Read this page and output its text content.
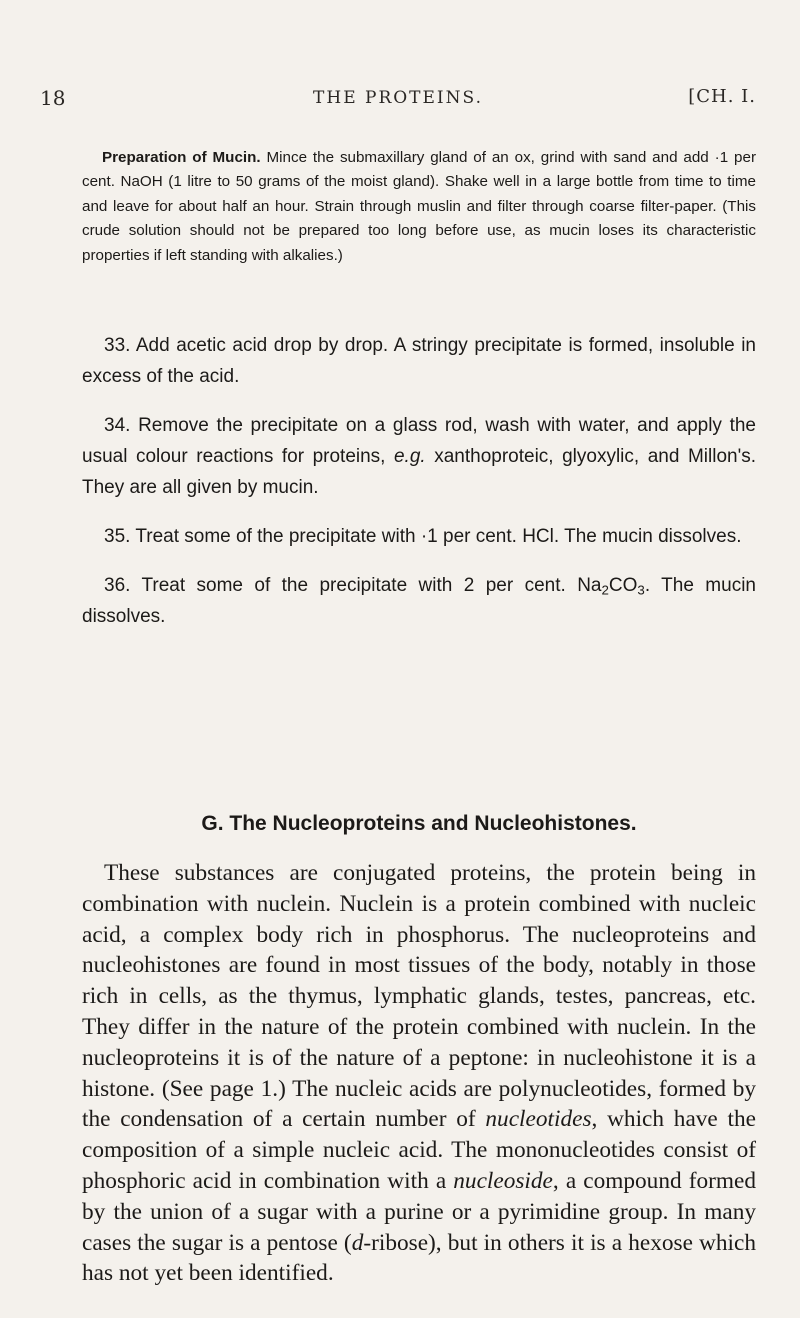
18	THE PROTEINS.	[CH. I.
Preparation of Mucin. Mince the submaxillary gland of an ox, grind with sand and add ·1 per cent. NaOH (1 litre to 50 grams of the moist gland). Shake well in a large bottle from time to time and leave for about half an hour. Strain through muslin and filter through coarse filter-paper. (This crude solution should not be prepared too long before use, as mucin loses its characteristic properties if left standing with alkalies.)

33. Add acetic acid drop by drop. A stringy precipitate is formed, insoluble in excess of the acid.

34. Remove the precipitate on a glass rod, wash with water, and apply the usual colour reactions for proteins, e.g. xanthoproteic, glyoxylic, and Millon's. They are all given by mucin.

35. Treat some of the precipitate with ·1 per cent. HCl. The mucin dissolves.

36. Treat some of the precipitate with 2 per cent. $Na_2CO_3$. The mucin dissolves.

G. The Nucleoproteins and Nucleohistones.
These substances are conjugated proteins, the protein being in combination with nuclein. Nuclein is a protein combined with nucleic acid, a complex body rich in phosphorus. The nucleoproteins and nucleohistones are found in most tissues of the body, notably in those rich in cells, as the thymus, lymphatic glands, testes, pancreas, etc. They differ in the nature of the protein combined with nuclein. In the nucleoproteins it is of the nature of a peptone: in nucleohistone it is a histone. (See page 1.) The nucleic acids are polynucleotides, formed by the condensation of a certain number of nucleotides, which have the composition of a simple nucleic acid. The mononucleotides consist of phosphoric acid in combination with a nucleoside, a compound formed by the union of a sugar with a purine or a pyrimidine group. In many cases the sugar is a pentose (d-ribose), but in others it is a hexose which has not yet been identified.
